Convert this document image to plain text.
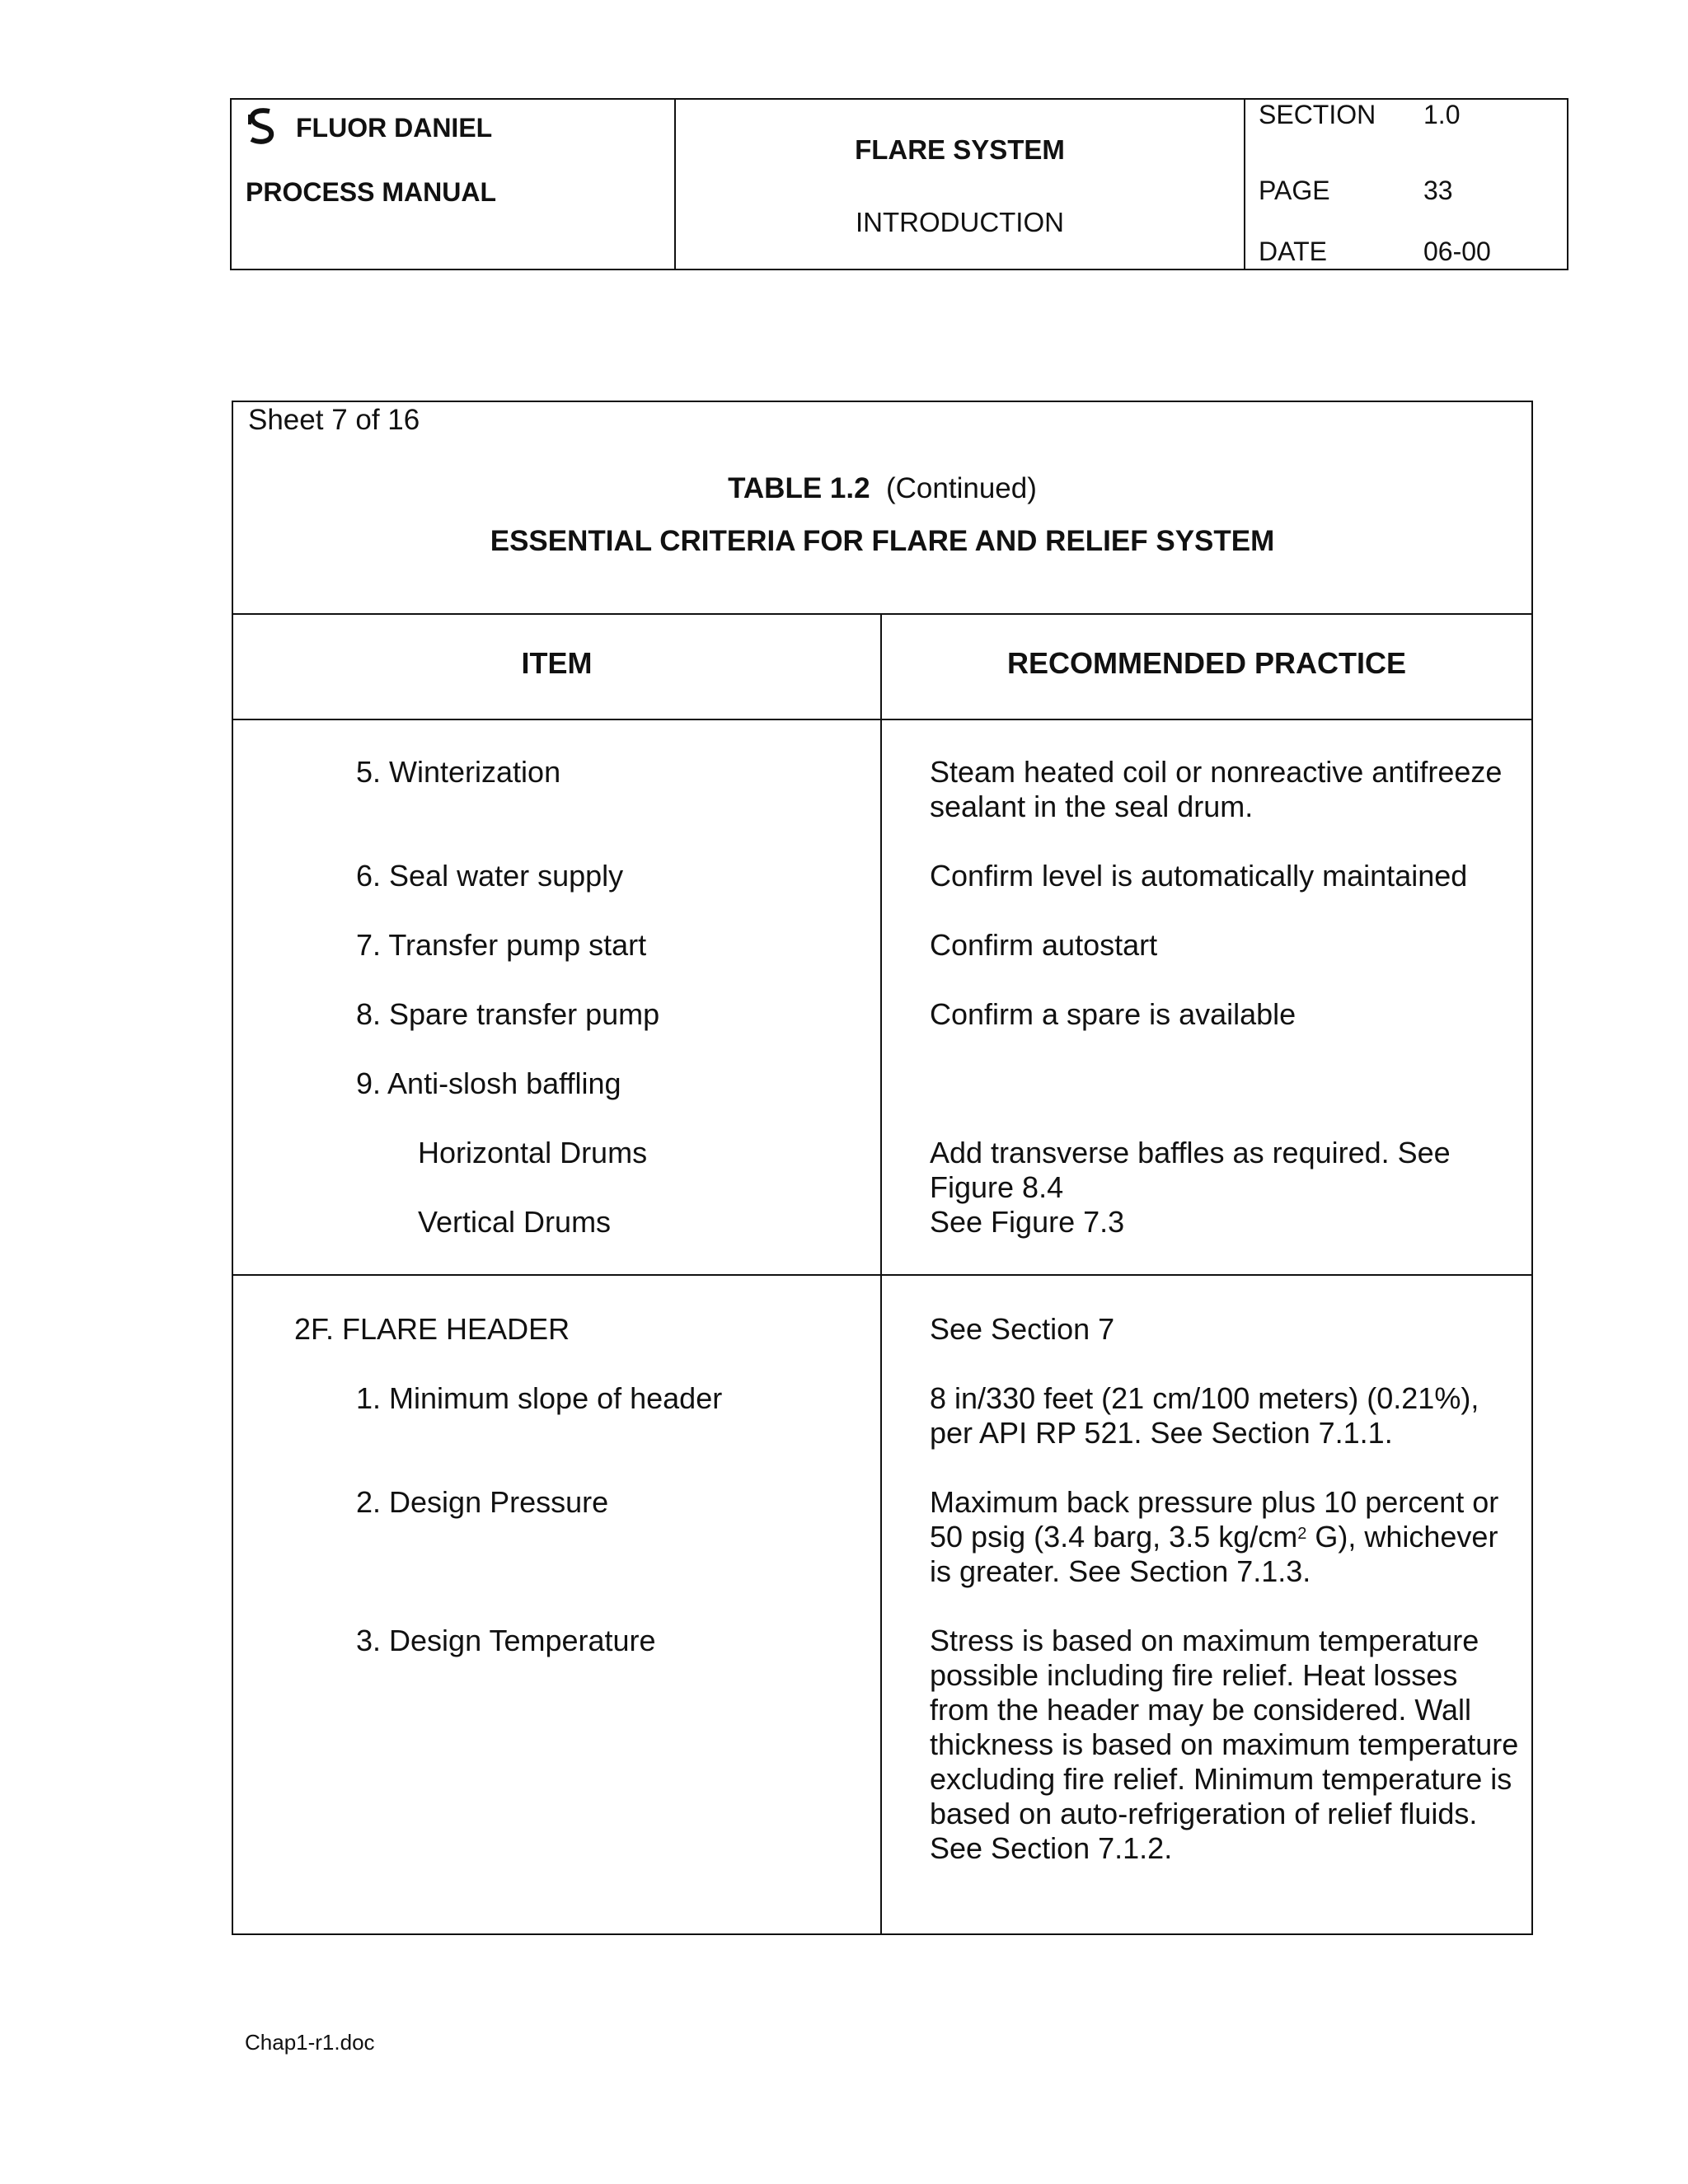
FLUOR DANIEL
PROCESS MANUAL
FLARE SYSTEM
INTRODUCTION
SECTION	1.0
PAGE	33
DATE	06-00
Sheet 7 of 16
TABLE 1.2 (Continued)
ESSENTIAL CRITERIA FOR FLARE AND RELIEF SYSTEM
ITEM	RECOMMENDED PRACTICE
5. Winterization	Steam heated coil or nonreactive antifreeze sealant in the seal drum.
6. Seal water supply	Confirm level is automatically maintained
7. Transfer pump start	Confirm autostart
8. Spare transfer pump	Confirm a spare is available
9. Anti-slosh baffling
Horizontal Drums	Add transverse baffles as required. See Figure 8.4
Vertical Drums	See Figure 7.3
2F. FLARE HEADER	See Section 7
1. Minimum slope of header	8 in/330 feet (21 cm/100 meters) (0.21%), per API RP 521. See Section 7.1.1.
2. Design Pressure	Maximum back pressure plus 10 percent or 50 psig (3.4 barg, 3.5 $kg/cm^2$ G), whichever is greater. See Section 7.1.3.
3. Design Temperature	Stress is based on maximum temperature possible including fire relief. Heat losses from the header may be considered. Wall thickness is based on maximum temperature excluding fire relief. Minimum temperature is based on auto-refrigeration of relief fluids. See Section 7.1.2.
Chap1-r1.doc
